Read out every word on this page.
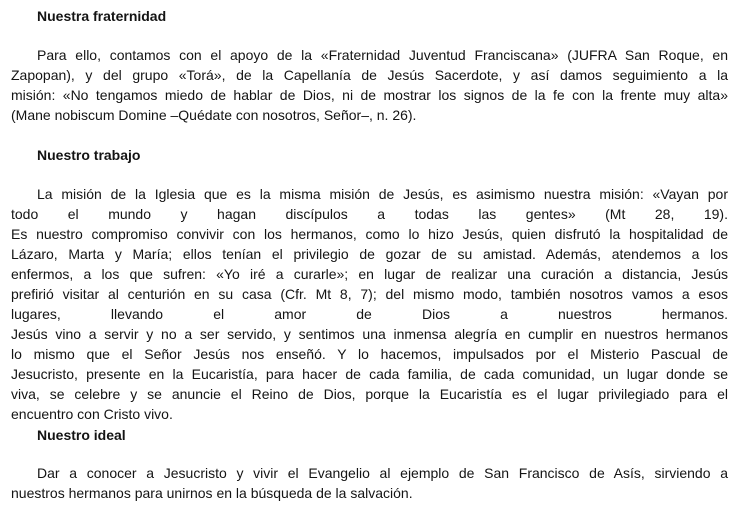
Nuestra fraternidad

Para ello, contamos con el apoyo de la «Fraternidad Juventud Franciscana» (JUFRA San Roque, en
Zapopan), y del grupo «Torá», de la Capellanía de Jesús Sacerdote, y así damos seguimiento a la
misión: «No tengamos miedo de hablar de Dios, ni de mostrar los signos de la fe con la frente muy alta»
(Mane nobiscum Domine –Quédate con nosotros, Señor–, n. 26).

Nuestro trabajo

La misión de la Iglesia que es la misma misión de Jesús, es asimismo nuestra misión: «Vayan por
todo el mundo y hagan discípulos a todas las gentes» (Mt 28, 19).
Es nuestro compromiso convivir con los hermanos, como lo hizo Jesús, quien disfrutó la hospitalidad de
Lázaro, Marta y María; ellos tenían el privilegio de gozar de su amistad. Además, atendemos a los
enfermos, a los que sufren: «Yo iré a curarle»; en lugar de realizar una curación a distancia, Jesús
prefirió visitar al centurión en su casa (Cfr. Mt 8, 7); del mismo modo, también nosotros vamos a esos
lugares, llevando el amor de Dios a nuestros hermanos.
Jesús vino a servir y no a ser servido, y sentimos una inmensa alegría en cumplir en nuestros hermanos
lo mismo que el Señor Jesús nos enseñó. Y lo hacemos, impulsados por el Misterio Pascual de
Jesucristo, presente en la Eucaristía, para hacer de cada familia, de cada comunidad, un lugar donde se
viva, se celebre y se anuncie el Reino de Dios, porque la Eucaristía es el lugar privilegiado para el
encuentro con Cristo vivo.

Nuestro ideal

Dar a conocer a Jesucristo y vivir el Evangelio al ejemplo de San Francisco de Asís, sirviendo a
nuestros hermanos para unirnos en la búsqueda de la salvación.
